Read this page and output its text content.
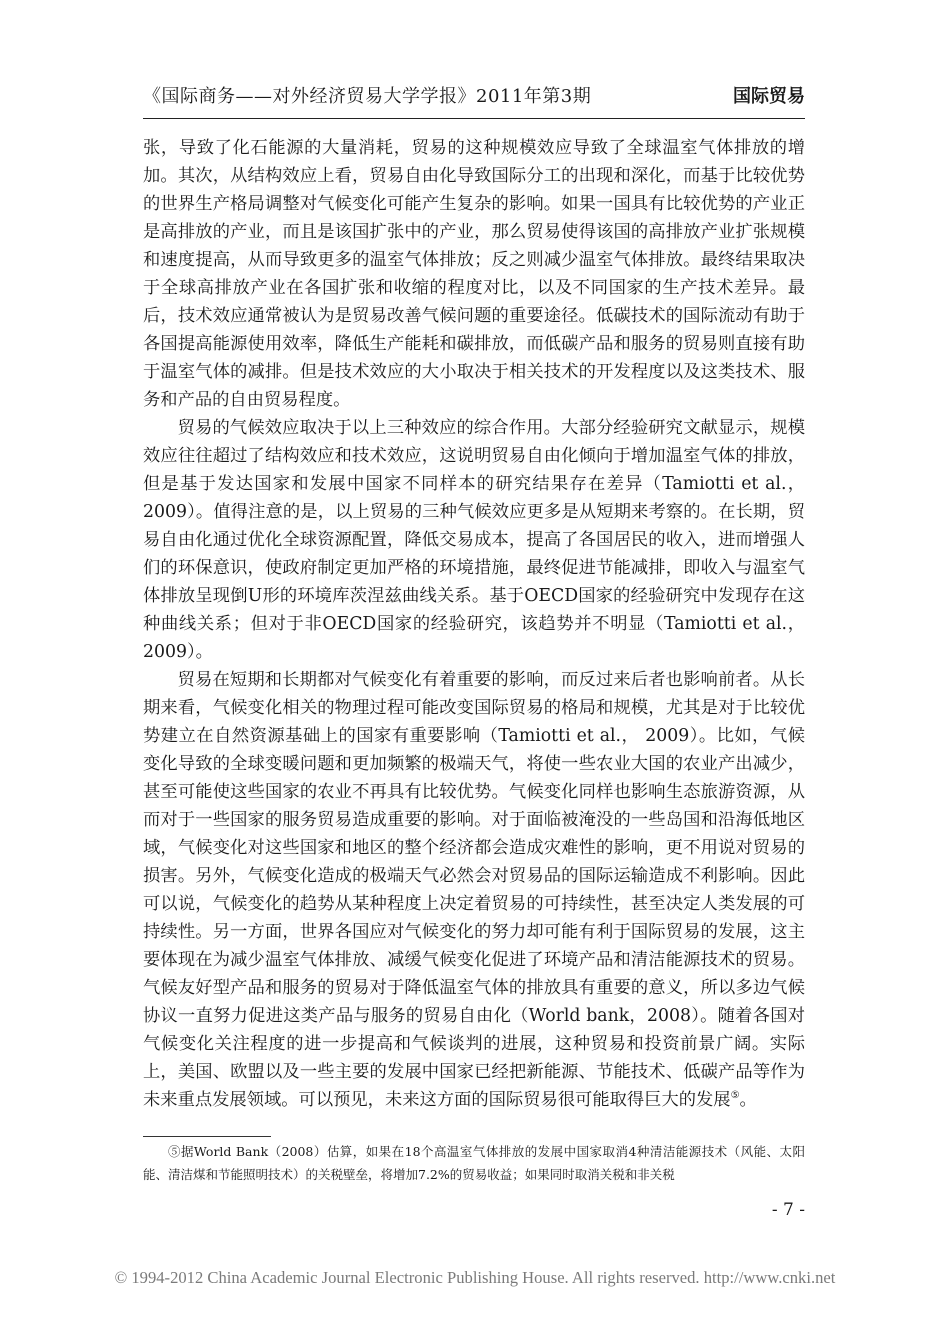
《国际商务——对外经济贸易大学学报》2011年第3期	国际贸易

张，导致了化石能源的大量消耗，贸易的这种规模效应导致了全球温室气体排放的增加。其次，从结构效应上看，贸易自由化导致国际分工的出现和深化，而基于比较优势的世界生产格局调整对气候变化可能产生复杂的影响。如果一国具有比较优势的产业正是高排放的产业，而且是该国扩张中的产业，那么贸易使得该国的高排放产业扩张规模和速度提高，从而导致更多的温室气体排放；反之则减少温室气体排放。最终结果取决于全球高排放产业在各国扩张和收缩的程度对比，以及不同国家的生产技术差异。最后，技术效应通常被认为是贸易改善气候问题的重要途径。低碳技术的国际流动有助于各国提高能源使用效率，降低生产能耗和碳排放，而低碳产品和服务的贸易则直接有助于温室气体的减排。但是技术效应的大小取决于相关技术的开发程度以及这类技术、服务和产品的自由贸易程度。

贸易的气候效应取决于以上三种效应的综合作用。大部分经验研究文献显示，规模效应往往超过了结构效应和技术效应，这说明贸易自由化倾向于增加温室气体的排放，但是基于发达国家和发展中国家不同样本的研究结果存在差异（Tamiotti et al.，2009）。值得注意的是，以上贸易的三种气候效应更多是从短期来考察的。在长期，贸易自由化通过优化全球资源配置，降低交易成本，提高了各国居民的收入，进而增强人们的环保意识，使政府制定更加严格的环境措施，最终促进节能减排，即收入与温室气体排放呈现倒U形的环境库茨涅兹曲线关系。基于OECD国家的经验研究中发现存在这种曲线关系；但对于非OECD国家的经验研究，该趋势并不明显（Tamiotti et al.，2009）。

贸易在短期和长期都对气候变化有着重要的影响，而反过来后者也影响前者。从长期来看，气候变化相关的物理过程可能改变国际贸易的格局和规模，尤其是对于比较优势建立在自然资源基础上的国家有重要影响（Tamiotti et al.， 2009）。比如，气候变化导致的全球变暖问题和更加频繁的极端天气，将使一些农业大国的农业产出减少，甚至可能使这些国家的农业不再具有比较优势。气候变化同样也影响生态旅游资源，从而对于一些国家的服务贸易造成重要的影响。对于面临被淹没的一些岛国和沿海低地区域，气候变化对这些国家和地区的整个经济都会造成灾难性的影响，更不用说对贸易的损害。另外，气候变化造成的极端天气必然会对贸易品的国际运输造成不利影响。因此可以说，气候变化的趋势从某种程度上决定着贸易的可持续性，甚至决定人类发展的可持续性。另一方面，世界各国应对气候变化的努力却可能有利于国际贸易的发展，这主要体现在为减少温室气体排放、减缓气候变化促进了环境产品和清洁能源技术的贸易。气候友好型产品和服务的贸易对于降低温室气体的排放具有重要的意义，所以多边气候协议一直努力促进这类产品与服务的贸易自由化（World bank，2008）。随着各国对气候变化关注程度的进一步提高和气候谈判的进展，这种贸易和投资前景广阔。实际上，美国、欧盟以及一些主要的发展中国家已经把新能源、节能技术、低碳产品等作为未来重点发展领域。可以预见，未来这方面的国际贸易很可能取得巨大的发展⑤。

⑤据World Bank（2008）估算，如果在18个高温室气体排放的发展中国家取消4种清洁能源技术（风能、太阳能、清洁煤和节能照明技术）的关税壁垒，将增加7.2%的贸易收益；如果同时取消关税和非关税

- 7 -
© 1994-2012 China Academic Journal Electronic Publishing House. All rights reserved. http://www.cnki.net
